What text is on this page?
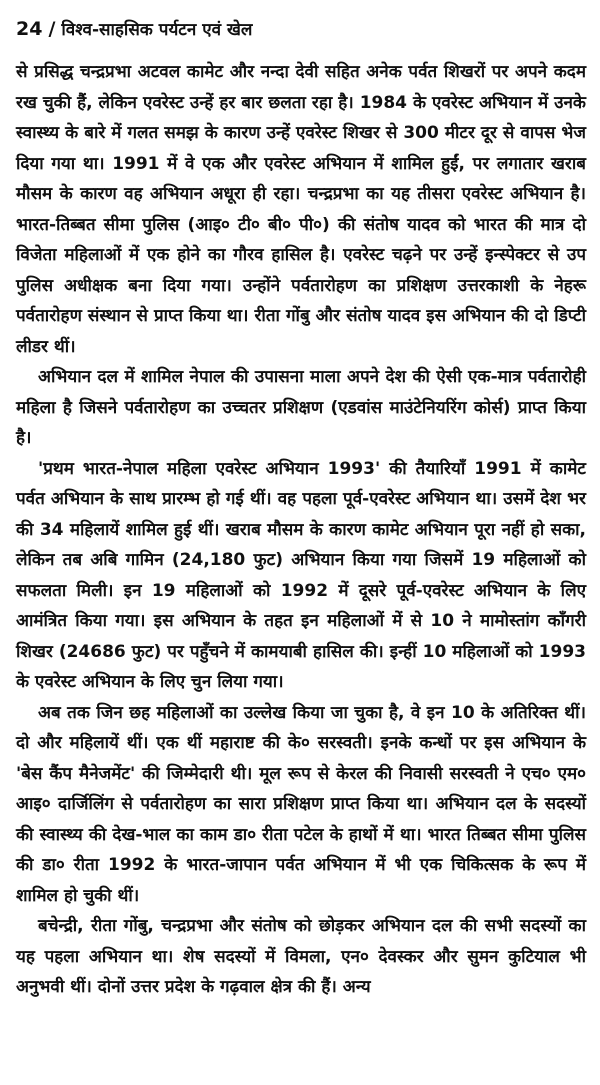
24 / विश्व-साहसिक पर्यटन एवं खेल

से प्रसिद्ध चन्द्रप्रभा अटवल कामेट और नन्दा देवी सहित अनेक पर्वत शिखरों पर अपने कदम रख चुकी हैं, लेकिन एवरेस्ट उन्हें हर बार छलता रहा है। 1984 के एवरेस्ट अभियान में उनके स्वास्थ्य के बारे में गलत समझ के कारण उन्हें एवरेस्ट शिखर से 300 मीटर दूर से वापस भेज दिया गया था। 1991 में वे एक और एवरेस्ट अभियान में शामिल हुईं, पर लगातार खराब मौसम के कारण वह अभियान अधूरा ही रहा। चन्द्रप्रभा का यह तीसरा एवरेस्ट अभियान है। भारत-तिब्बत सीमा पुलिस (आइ० टी० बी० पी०) की संतोष यादव को भारत की मात्र दो विजेता महिलाओं में एक होने का गौरव हासिल है। एवरेस्ट चढ़ने पर उन्हें इन्स्पेक्टर से उप पुलिस अधीक्षक बना दिया गया। उन्होंने पर्वतारोहण का प्रशिक्षण उत्तरकाशी के नेहरू पर्वतारोहण संस्थान से प्राप्त किया था। रीता गोंबु और संतोष यादव इस अभियान की दो डिप्टी लीडर थीं।

अभियान दल में शामिल नेपाल की उपासना माला अपने देश की ऐसी एक-मात्र पर्वतारोही महिला है जिसने पर्वतारोहण का उच्चतर प्रशिक्षण (एडवांस माउंटेनियरिंग कोर्स) प्राप्त किया है।

'प्रथम भारत-नेपाल महिला एवरेस्ट अभियान 1993' की तैयारियाँ 1991 में कामेट पर्वत अभियान के साथ प्रारम्भ हो गई थीं। वह पहला पूर्व-एवरेस्ट अभियान था। उसमें देश भर की 34 महिलायें शामिल हुई थीं। खराब मौसम के कारण कामेट अभियान पूरा नहीं हो सका, लेकिन तब अबि गामिन (24,180 फुट) अभियान किया गया जिसमें 19 महिलाओं को सफलता मिली। इन 19 महिलाओं को 1992 में दूसरे पूर्व-एवरेस्ट अभियान के लिए आमंत्रित किया गया। इस अभियान के तहत इन महिलाओं में से 10 ने मामोस्तांग काँगरी शिखर (24686 फुट) पर पहुँचने में कामयाबी हासिल की। इन्हीं 10 महिलाओं को 1993 के एवरेस्ट अभियान के लिए चुन लिया गया।

अब तक जिन छह महिलाओं का उल्लेख किया जा चुका है, वे इन 10 के अतिरिक्त थीं। दो और महिलायें थीं। एक थीं महाराष्ट की के० सरस्वती। इनके कन्धों पर इस अभियान के 'बेस कैंप मैनेजमेंट' की जिम्मेदारी थी। मूल रूप से केरल की निवासी सरस्वती ने एच० एम० आइ० दार्जिलिंग से पर्वतारोहण का सारा प्रशिक्षण प्राप्त किया था। अभियान दल के सदस्यों की स्वास्थ्य की देख-भाल का काम डा० रीता पटेल के हाथों में था। भारत तिब्बत सीमा पुलिस की डा० रीता 1992 के भारत-जापान पर्वत अभियान में भी एक चिकित्सक के रूप में शामिल हो चुकी थीं।

बचेन्द्री, रीता गोंबु, चन्द्रप्रभा और संतोष को छोड़कर अभियान दल की सभी सदस्यों का यह पहला अभियान था। शेष सदस्यों में विमला, एन० देवस्कर और सुमन कुटियाल भी अनुभवी थीं। दोनों उत्तर प्रदेश के गढ़वाल क्षेत्र की हैं। अन्य
